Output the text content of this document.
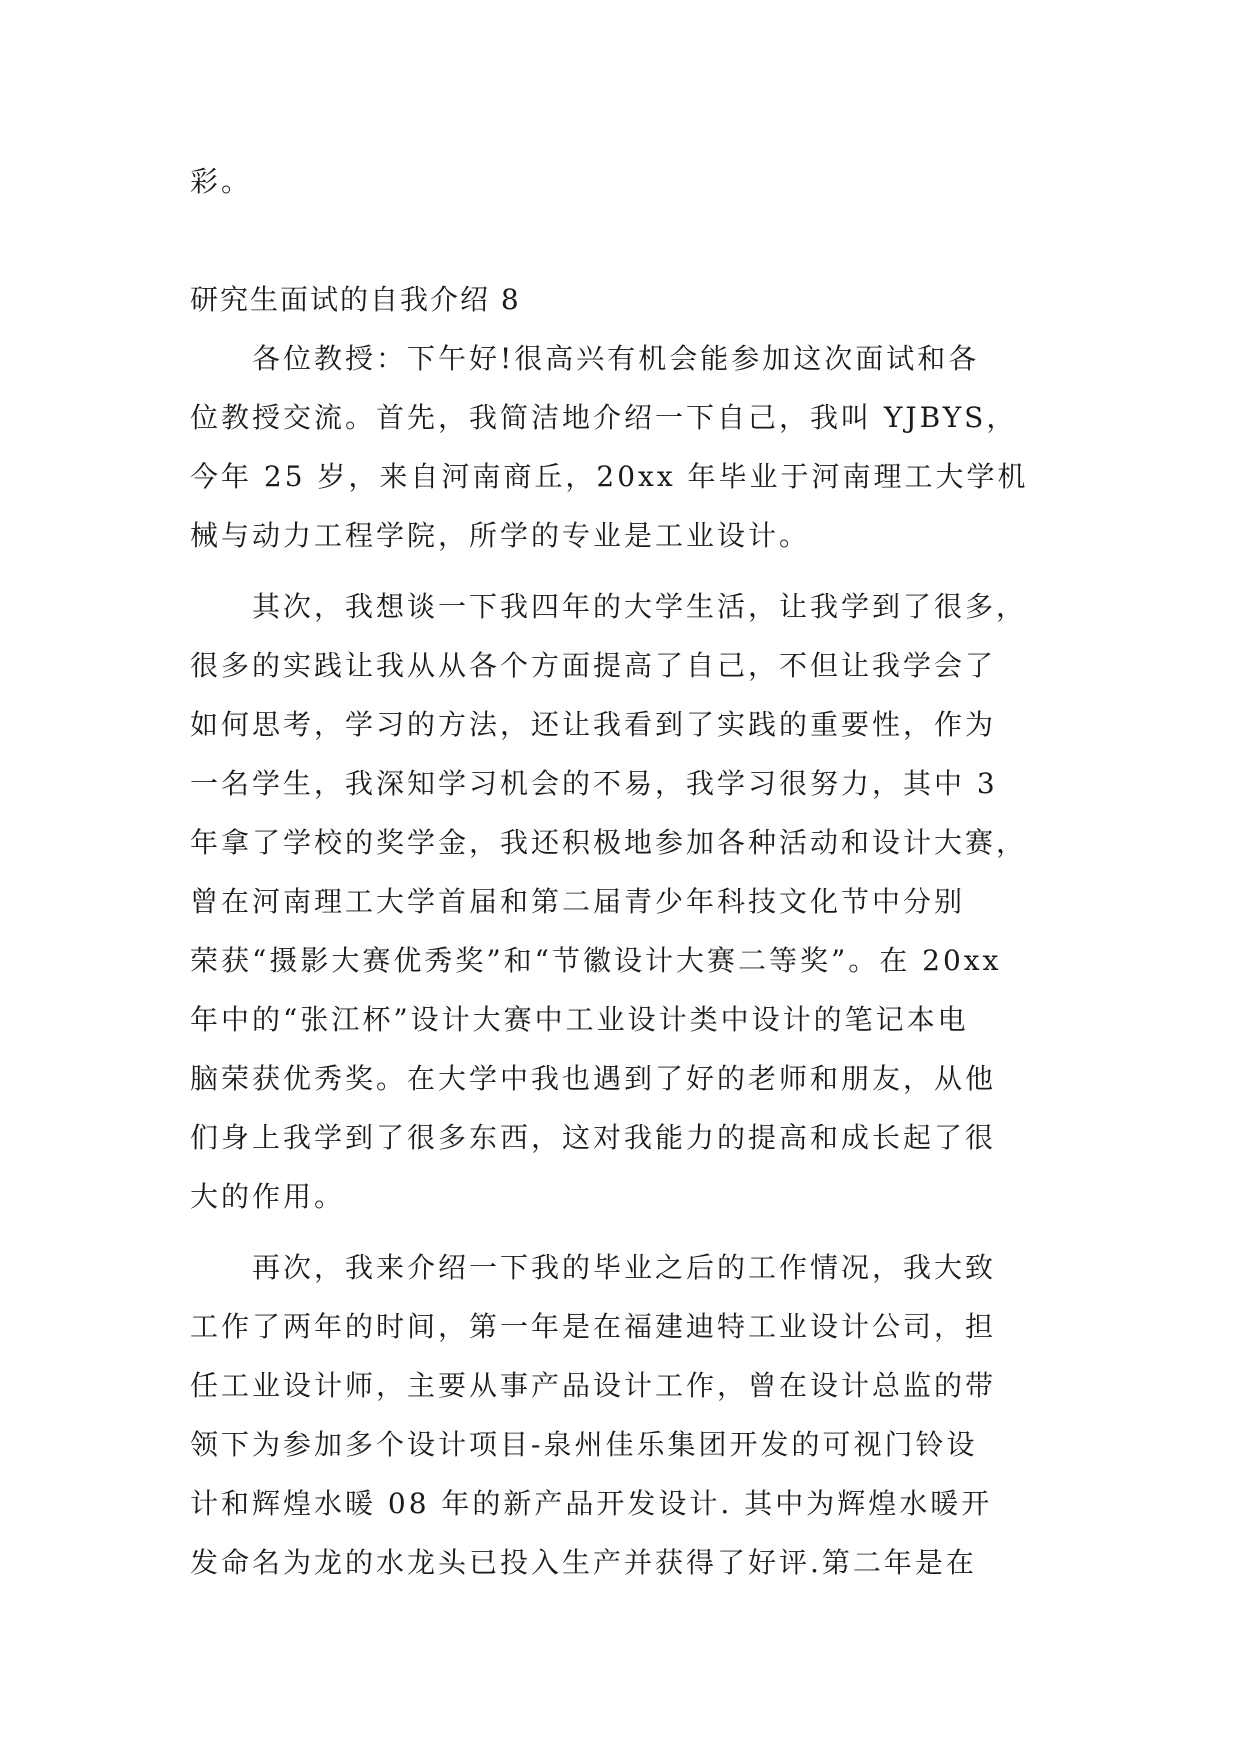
彩。
研究生面试的自我介绍 8
各位教授：下午好!很高兴有机会能参加这次面试和各
位教授交流。首先，我简洁地介绍一下自己，我叫 YJBYS，
今年 25 岁，来自河南商丘，20xx 年毕业于河南理工大学机
械与动力工程学院，所学的专业是工业设计。
其次，我想谈一下我四年的大学生活，让我学到了很多，
很多的实践让我从从各个方面提高了自己，不但让我学会了
如何思考，学习的方法，还让我看到了实践的重要性，作为
一名学生，我深知学习机会的不易，我学习很努力，其中 3
年拿了学校的奖学金，我还积极地参加各种活动和设计大赛，
曾在河南理工大学首届和第二届青少年科技文化节中分别
荣获“摄影大赛优秀奖”和“节徽设计大赛二等奖”。在 20xx
年中的“张江杯”设计大赛中工业设计类中设计的笔记本电
脑荣获优秀奖。在大学中我也遇到了好的老师和朋友，从他
们身上我学到了很多东西，这对我能力的提高和成长起了很
大的作用。
再次，我来介绍一下我的毕业之后的工作情况，我大致
工作了两年的时间，第一年是在福建迪特工业设计公司，担
任工业设计师，主要从事产品设计工作，曾在设计总监的带
领下为参加多个设计项目-泉州佳乐集团开发的可视门铃设
计和辉煌水暖 08 年的新产品开发设计. 其中为辉煌水暖开
发命名为龙的水龙头已投入生产并获得了好评.第二年是在
